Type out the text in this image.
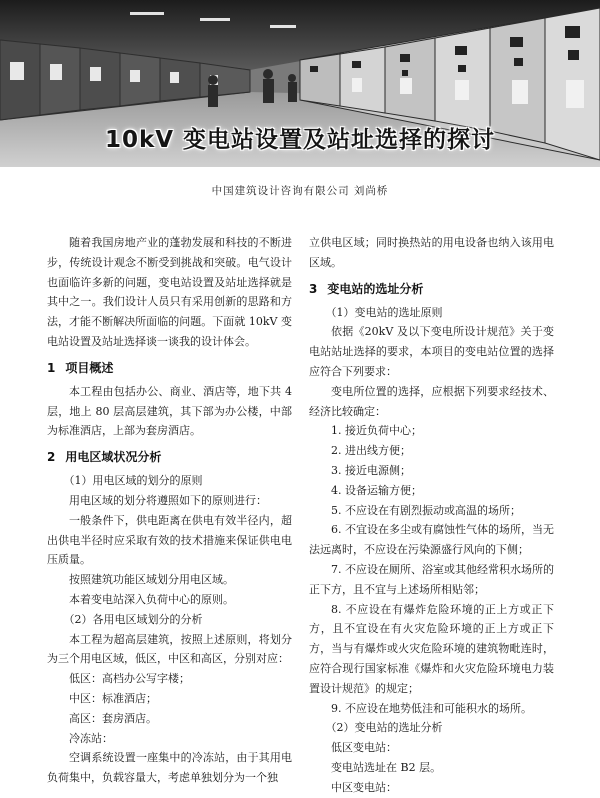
10kV 变电站设置及站址选择的探讨
中国建筑设计咨询有限公司 刘尚桥

随着我国房地产业的蓬勃发展和科技的不断进步，传统设计观念不断受到挑战和突破。电气设计也面临许多新的问题，变电站设置及站址选择就是其中之一。我们设计人员只有采用创新的思路和方法，才能不断解决所面临的问题。下面就 10kV 变电站设置及站址选择谈一谈我的设计体会。

1 项目概述

本工程由包括办公、商业、酒店等，地下共 4 层，地上 80 层高层建筑，其下部为办公楼，中部为标准酒店，上部为套房酒店。

2 用电区域状况分析

（1）用电区域的划分的原则

用电区域的划分将遵照如下的原则进行：

一般条件下，供电距离在供电有效半径内，超出供电半径时应采取有效的技术措施来保证供电电压质量。

按照建筑功能区域划分用电区域。

本着变电站深入负荷中心的原则。

（2）各用电区域划分的分析

本工程为超高层建筑，按照上述原则，将划分为三个用电区域，低区，中区和高区，分别对应：

低区：高档办公写字楼；

中区：标准酒店；

高区：套房酒店。

冷冻站：

空调系统设置一座集中的冷冻站，由于其用电负荷集中，负载容量大，考虑单独划分为一个独

立供电区域；同时换热站的用电设备也纳入该用电区域。

3 变电站的选址分析

（1）变电站的选址原则

依据《20kV 及以下变电所设计规范》关于变电站站址选择的要求，本项目的变电站位置的选择应符合下列要求：

变电所位置的选择，应根据下列要求经技术、经济比较确定：

1. 接近负荷中心；

2. 进出线方便；

3. 接近电源侧；

4. 设备运输方便；

5. 不应设在有剧烈振动或高温的场所；

6. 不宜设在多尘或有腐蚀性气体的场所，当无法远离时，不应设在污染源盛行风向的下侧；

7. 不应设在厕所、浴室或其他经常积水场所的正下方，且不宜与上述场所相贴邻；

8. 不应设在有爆炸危险环境的正上方或正下方，且不宜设在有火灾危险环境的正上方或正下方，当与有爆炸或火灾危险环境的建筑物毗连时，应符合现行国家标准《爆炸和火灾危险环境电力装置设计规范》的规定；

9. 不应设在地势低洼和可能积水的场所。

（2）变电站的选址分析

低区变电站：

变电站选址在 B2 层。

中区变电站：
